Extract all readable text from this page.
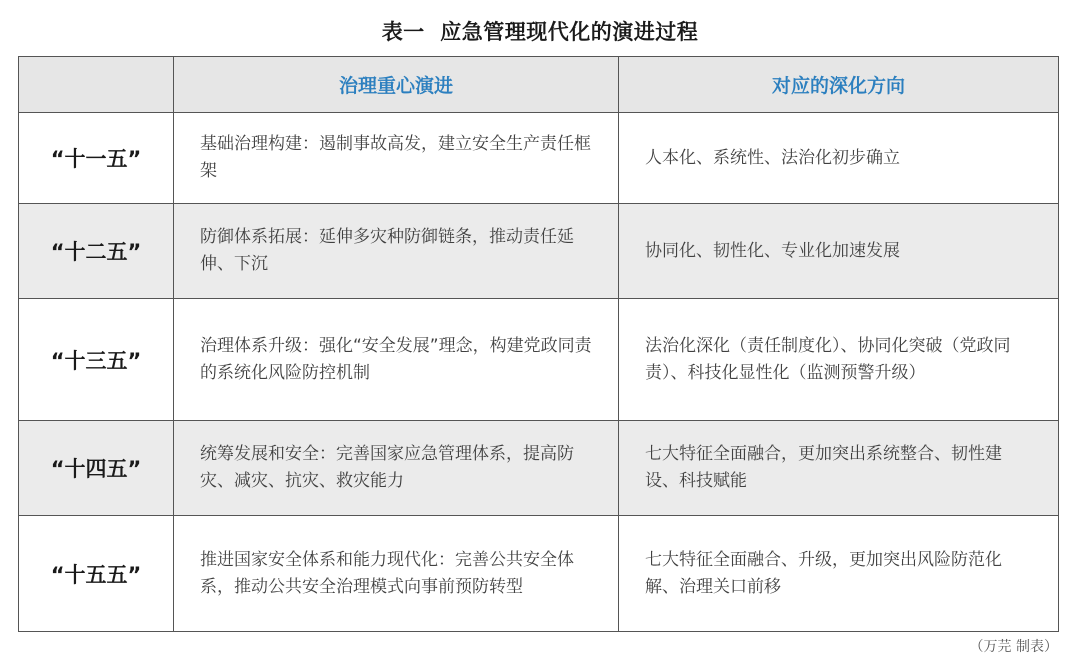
表一  应急管理现代化的演进过程
	治理重心演进	对应的深化方向
“十一五”	基础治理构建：遏制事故高发，建立安全生产责任框架	人本化、系统性、法治化初步确立
“十二五”	防御体系拓展：延伸多灾种防御链条，推动责任延伸、下沉	协同化、韧性化、专业化加速发展
“十三五”	治理体系升级：强化“安全发展”理念，构建党政同责的系统化风险防控机制	法治化深化（责任制度化）、协同化突破（党政同责）、科技化显性化（监测预警升级）
“十四五”	统筹发展和安全：完善国家应急管理体系，提高防灾、减灾、抗灾、救灾能力	七大特征全面融合，更加突出系统整合、韧性建设、科技赋能
“十五五”	推进国家安全体系和能力现代化：完善公共安全体系，推动公共安全治理模式向事前预防转型	七大特征全面融合、升级，更加突出风险防范化解、治理关口前移
（万芫 制表）
